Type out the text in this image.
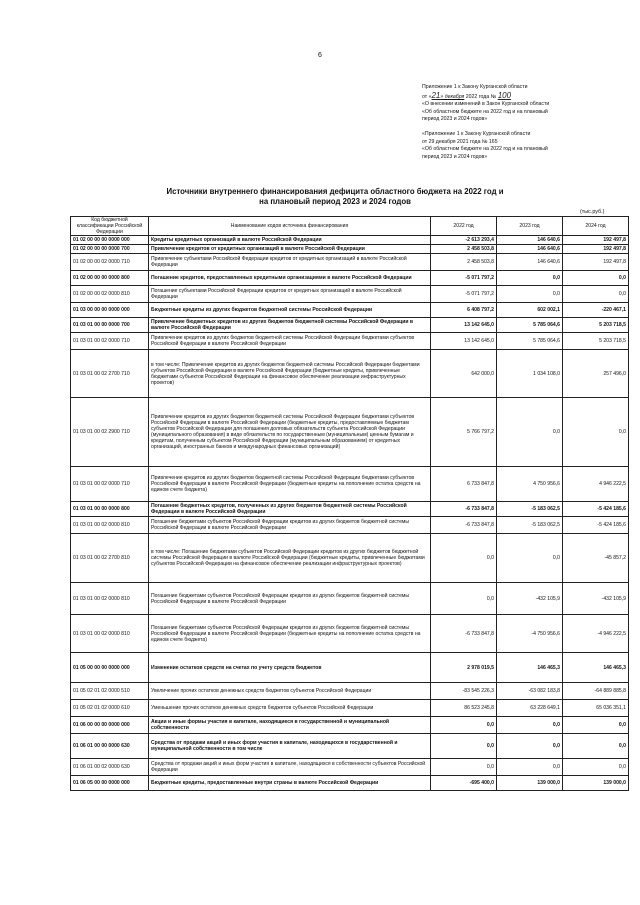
6
Приложение 1 к Закону Курганской области
от «21» декабря 2022 года № 100
«О внесении изменений в Закон Курганской области
«Об областном бюджете на 2022 год и на плановый
период 2023 и 2024 годов»
«Приложение 1 к Закону Курганской области
от 29 декабря 2021 года № 165
«Об областном бюджете на 2022 год и на плановый
период 2023 и 2024 годов»
Источники внутреннего финансирования дефицита областного бюджета на 2022 год и
на плановый период 2023 и 2024 годов
(тыс.руб.)
Код бюджетной классификации Российской Федерации	Наименование кодов источника финансирования	2022 год	2023 год	2024 год
01 02 00 00 00 0000 000	Кредиты кредитных организаций в валюте Российской Федерации	-2 613 293,4	146 640,6	192 497,8
01 02 00 00 00 0000 700	Привлечение кредитов от кредитных организаций в валюте Российской Федерации	2 458 503,8	146 640,6	192 497,8
01 02 00 00 02 0000 710	Привлечение субъектами Российской Федерации кредитов от кредитных организаций в валюте Российской Федерации	2 458 503,8	146 640,6	192 497,8
01 02 00 00 00 0000 800	Погашение кредитов, предоставленных кредитными организациями в валюте Российской Федерации	-5 071 797,2	0,0	0,0
01 02 00 00 02 0000 810	Погашение субъектами Российской Федерации кредитов от кредитных организаций в валюте Российской Федерации	-5 071 797,2	0,0	0,0
01 03 00 00 00 0000 000	Бюджетные кредиты из других бюджетов бюджетной системы Российской Федерации	6 408 797,2	602 002,1	-220 467,1
01 03 01 00 00 0000 700	Привлечение бюджетных кредитов из других бюджетов бюджетной системы Российской Федерации в валюте Российской Федерации	13 142 645,0	5 785 064,6	5 203 718,5
01 03 01 00 02 0000 710	Привлечение кредитов из других бюджетов бюджетной системы Российской Федерации бюджетами субъектов Российской Федерации в валюте Российской Федерации	13 142 645,0	5 785 064,6	5 203 718,5
01 03 01 00 02 2700 710	в том числе: Привлечение кредитов из других бюджетов бюджетной системы Российской Федерации бюджетами субъектов Российской Федерации в валюте Российской Федерации (бюджетные кредиты, привлеченные бюджетами субъектов Российской Федерации на финансовое обеспечение реализации инфраструктурных проектов)	642 000,0	1 034 108,0	257 496,0
01 03 01 00 02 2900 710	Привлечение кредитов из других бюджетов бюджетной системы Российской Федерации бюджетами субъектов Российской Федерации в валюте Российской Федерации (бюджетные кредиты, предоставляемые бюджетам субъектов Российской Федерации для погашения долговых обязательств субъекта Российской Федерации (муниципального образования) в виде обязательств по государственным (муниципальным) ценным бумагам и кредитам, полученным субъектом Российской Федерации (муниципальным образованием) от кредитных организаций, иностранных банков и международных финансовых организаций)	5 766 797,2	0,0	0,0
01 03 01 00 02 0000 710	Привлечение кредитов из других бюджетов бюджетной системы Российской Федерации бюджетами субъектов Российской Федерации в валюте Российской Федерации (бюджетные кредиты на пополнение остатка средств на едином счете бюджета)	6 733 847,8	4 750 956,6	4 946 222,5
01 03 01 00 00 0000 800	Погашение бюджетных кредитов, полученных из других бюджетов бюджетной системы Российской Федерации в валюте Российской Федерации	-6 733 847,8	-5 183 062,5	-5 424 185,6
01 03 01 00 02 0000 810	Погашение бюджетами субъектов Российской Федерации кредитов из других бюджетов бюджетной системы Российской Федерации в валюте Российской Федерации	-6 733 847,8	-5 183 062,5	-5 424 185,6
01 03 01 00 02 2700 810	в том числе: Погашение бюджетами субъектов Российской Федерации кредитов из других бюджетов бюджетной системы Российской Федерации в валюте Российской Федерации (бюджетные кредиты, привлеченные бюджетами субъектов Российской Федерации на финансовое обеспечение реализации инфраструктурных проектов)	0,0	0,0	-45 857,2
01 03 01 00 02 0000 810	Погашение бюджетами субъектов Российской Федерации кредитов из других бюджетов бюджетной системы Российской Федерации в валюте Российской Федерации	0,0	-432 105,9	-432 105,9
01 03 01 00 02 0000 810	Погашение бюджетами субъектов Российской Федерации кредитов из других бюджетов бюджетной системы Российской Федерации в валюте Российской Федерации (бюджетные кредиты на пополнение остатка средств на едином счете бюджета)	-6 733 847,8	-4 750 956,6	-4 946 222,5
01 05 00 00 00 0000 000	Изменение остатков средств на счетах по учету средств бюджетов	2 978 019,5	146 465,3	146 465,3
01 05 02 01 02 0000 510	Увеличение прочих остатков денежных средств бюджетов субъектов Российской Федерации	-83 545 226,3	-63 082 183,8	-64 889 885,8
01 05 02 01 02 0000 610	Уменьшение прочих остатков денежных средств бюджетов субъектов Российской Федерации	86 523 245,8	63 228 649,1	65 036 351,1
01 06 00 00 00 0000 000	Акции и иные формы участия в капитале, находящиеся в государственной и муниципальной собственности	0,0	0,0	0,0
01 06 01 00 00 0000 630	Средства от продажи акций и иных форм участия в капитале, находящихся в государственной и муниципальной собственности в том числе	0,0	0,0	0,0
01 06 01 00 02 0000 630	Средства от продажи акций и иных форм участия в капитале, находящихся в собственности субъектов Российской Федерации	0,0	0,0	0,0
01 06 05 00 00 0000 000	Бюджетные кредиты, предоставленные внутри страны в валюте Российской Федерации	-695 400,0	139 000,0	139 000,0
